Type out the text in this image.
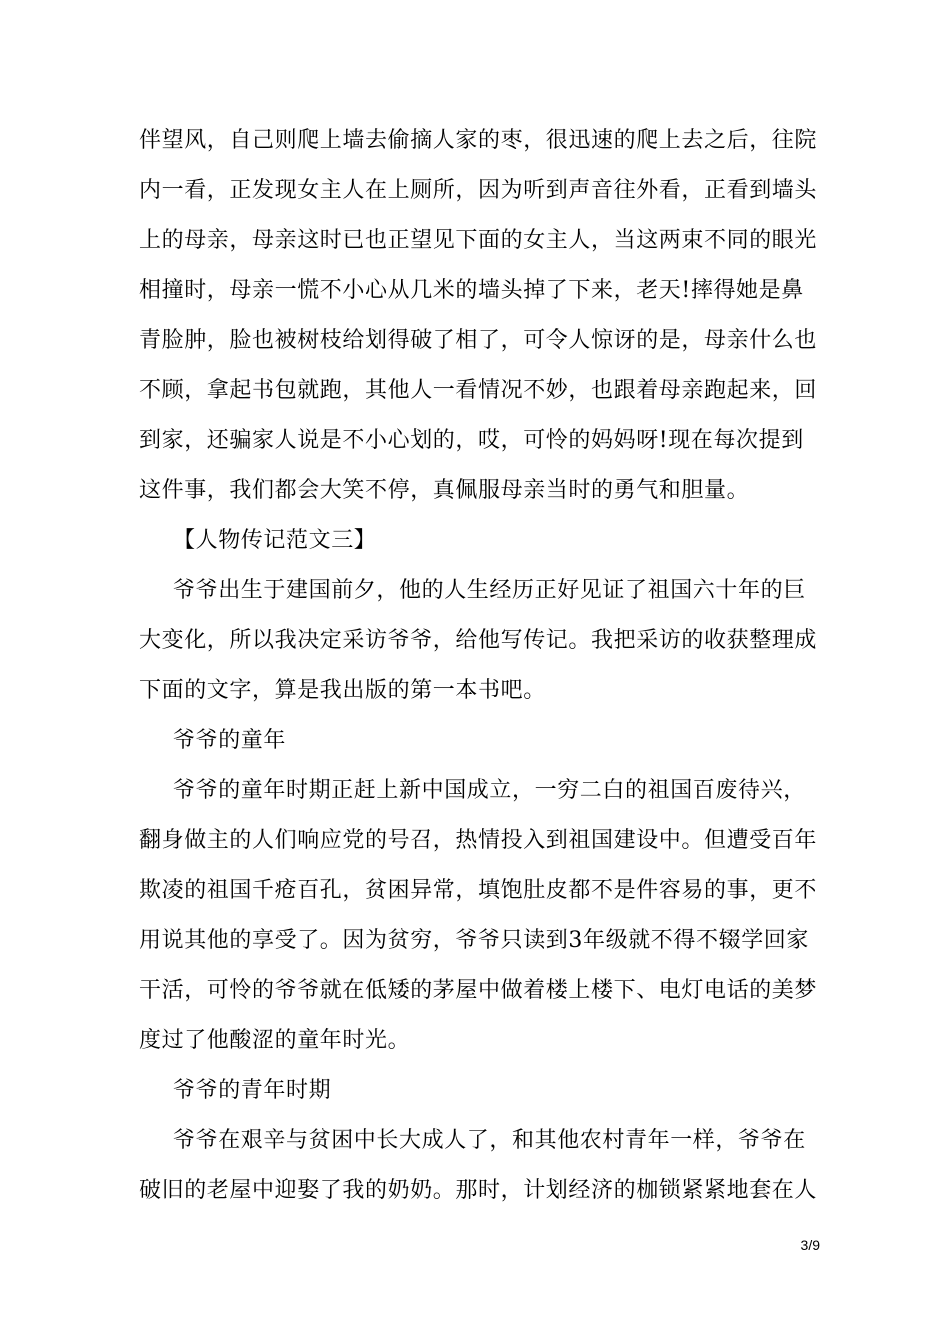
伴望风，自己则爬上墙去偷摘人家的枣，很迅速的爬上去之后，往院
内一看，正发现女主人在上厕所，因为听到声音往外看，正看到墙头
上的母亲，母亲这时已也正望见下面的女主人，当这两束不同的眼光
相撞时，母亲一慌不小心从几米的墙头掉了下来，老天!摔得她是鼻
青脸肿，脸也被树枝给划得破了相了，可令人惊讶的是，母亲什么也
不顾，拿起书包就跑，其他人一看情况不妙，也跟着母亲跑起来，回
到家，还骗家人说是不小心划的，哎，可怜的妈妈呀!现在每次提到
这件事，我们都会大笑不停，真佩服母亲当时的勇气和胆量。
【人物传记范文三】
爷爷出生于建国前夕，他的人生经历正好见证了祖国六十年的巨
大变化，所以我决定采访爷爷，给他写传记。我把采访的收获整理成
下面的文字，算是我出版的第一本书吧。
爷爷的童年
爷爷的童年时期正赶上新中国成立，一穷二白的祖国百废待兴，
翻身做主的人们响应党的号召，热情投入到祖国建设中。但遭受百年
欺凌的祖国千疮百孔，贫困异常，填饱肚皮都不是件容易的事，更不
用说其他的享受了。因为贫穷，爷爷只读到3年级就不得不辍学回家
干活，可怜的爷爷就在低矮的茅屋中做着楼上楼下、电灯电话的美梦
度过了他酸涩的童年时光。
爷爷的青年时期
爷爷在艰辛与贫困中长大成人了，和其他农村青年一样，爷爷在
破旧的老屋中迎娶了我的奶奶。那时，计划经济的枷锁紧紧地套在人
3/9
